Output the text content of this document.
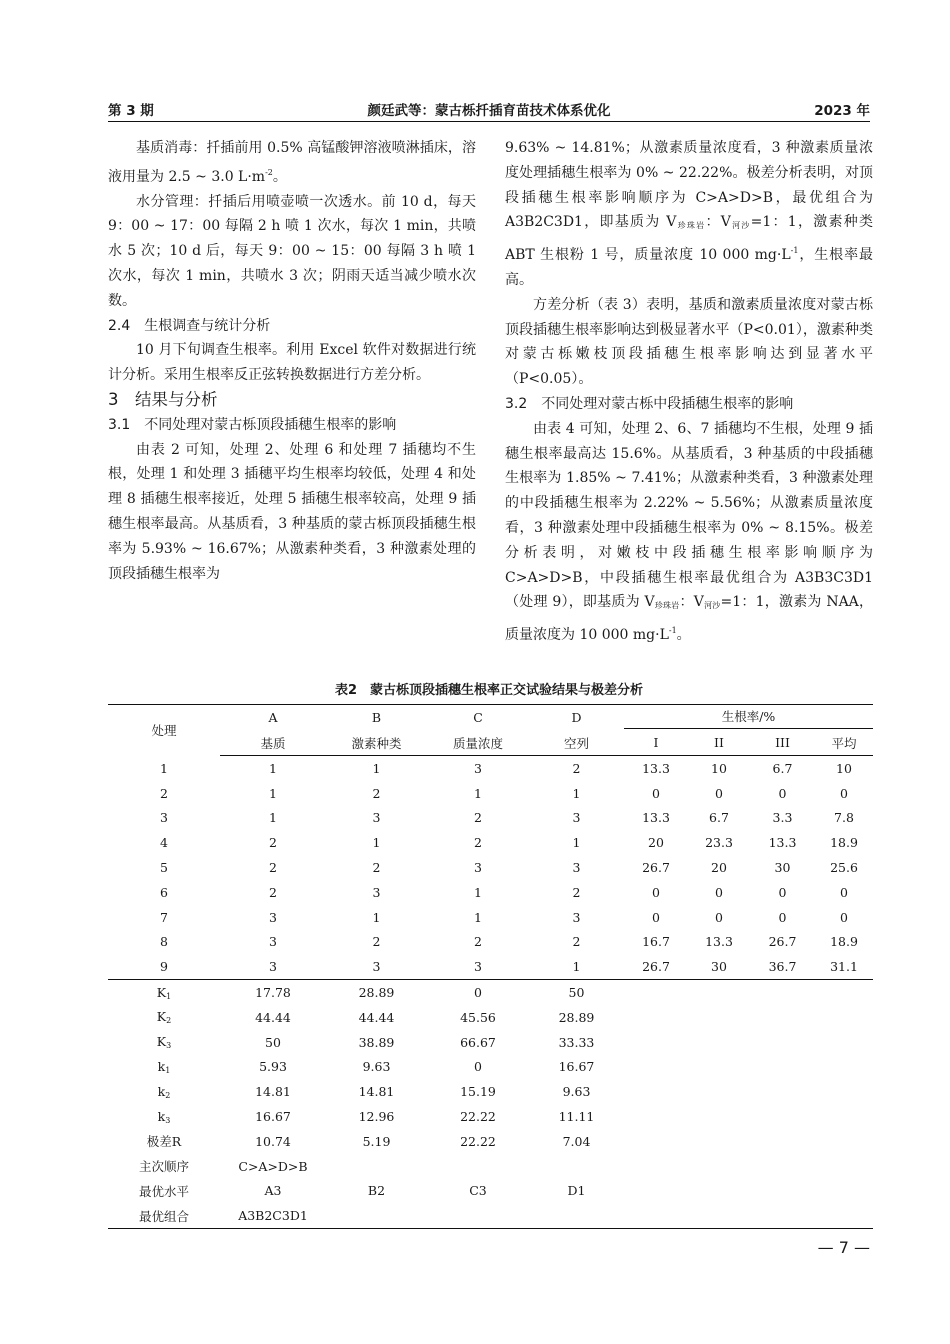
第 3 期	颜廷武等：蒙古栎扦插育苗技术体系优化	2023 年

基质消毒：扦插前用 0.5% 高锰酸钾溶液喷淋插床，溶液用量为 2.5 ~ 3.0 $L\cdot m^{-2}$。

水分管理：扦插后用喷壶喷一次透水。前 10 d，每天 9：00 ~ 17：00 每隔 2 h 喷 1 次水，每次 1 min，共喷水 5 次；10 d 后，每天 9：00 ~ 15：00 每隔 3 h 喷 1 次水，每次 1 min，共喷水 3 次；阴雨天适当减少喷水次数。

2.4　生根调查与统计分析

10 月下旬调查生根率。利用 Excel 软件对数据进行统计分析。采用生根率反正弦转换数据进行方差分析。

3　结果与分析

3.1　不同处理对蒙古栎顶段插穗生根率的影响

由表 2 可知，处理 2、处理 6 和处理 7 插穗均不生根，处理 1 和处理 3 插穗平均生根率均较低，处理 4 和处理 8 插穗生根率接近，处理 5 插穗生根率较高，处理 9 插穗生根率最高。从基质看，3 种基质的蒙古栎顶段插穗生根率为 5.93% ~ 16.67%；从激素种类看，3 种激素处理的顶段插穗生根率为

9.63% ~ 14.81%；从激素质量浓度看，3 种激素质量浓度处理插穗生根率为 0% ~ 22.22%。极差分析表明，对顶段插穗生根率影响顺序为 C>A>D>B，最优组合为 A3B2C3D1，即基质为 $V_{珍珠岩}$：$V_{河沙}=1$：1，激素种类 ABT 生根粉 1 号，质量浓度 10 000 $mg\cdot L^{-1}$，生根率最高。

方差分析（表 3）表明，基质和激素质量浓度对蒙古栎顶段插穗生根率影响达到极显著水平（P<0.01），激素种类对蒙古栎嫩枝顶段插穗生根率影响达到显著水平（P<0.05）。

3.2　不同处理对蒙古栎中段插穗生根率的影响

由表 4 可知，处理 2、6、7 插穗均不生根，处理 9 插穗生根率最高达 15.6%。从基质看，3 种基质的中段插穗生根率为 1.85% ~ 7.41%；从激素种类看，3 种激素处理的中段插穗生根率为 2.22% ~ 5.56%；从激素质量浓度看，3 种激素处理中段插穗生根率为 0% ~ 8.15%。极差分析表明，对嫩枝中段插穗生根率影响顺序为 C>A>D>B，中段插穗生根率最优组合为 A3B3C3D1（处理 9），即基质为 $V_{珍珠岩}$：$V_{河沙}=1$：1，激素为 NAA，质量浓度为 10 000 $mg\cdot L^{-1}$。

表2　蒙古栎顶段插穗生根率正交试验结果与极差分析
处理	A	B	C	D	生根率/%			

	基质	激素种类	质量浓度	空列	I	II	III	平均
1	1	1	3	2	13.3	10	6.7	10
2	1	2	1	1	0	0	0	0
3	1	3	2	3	13.3	6.7	3.3	7.8
4	2	1	2	1	20	23.3	13.3	18.9
5	2	2	3	3	26.7	20	30	25.6
6	2	3	1	2	0	0	0	0
7	3	1	1	3	0	0	0	0
8	3	2	2	2	16.7	13.3	26.7	18.9
9	3	3	3	1	26.7	30	36.7	31.1
$K_1$	17.78	28.89	0	50				
$K_2$	44.44	44.44	45.56	28.89				
$K_3$	50	38.89	66.67	33.33				
$k_1$	5.93	9.63	0	16.67				
$k_2$	14.81	14.81	15.19	9.63				
$k_3$	16.67	12.96	22.22	11.11				
极差R	10.74	5.19	22.22	7.04				
主次顺序	C>A>D>B							
最优水平	A3	B2	C3	D1				
最优组合	A3B2C3D1							
— 7 —
